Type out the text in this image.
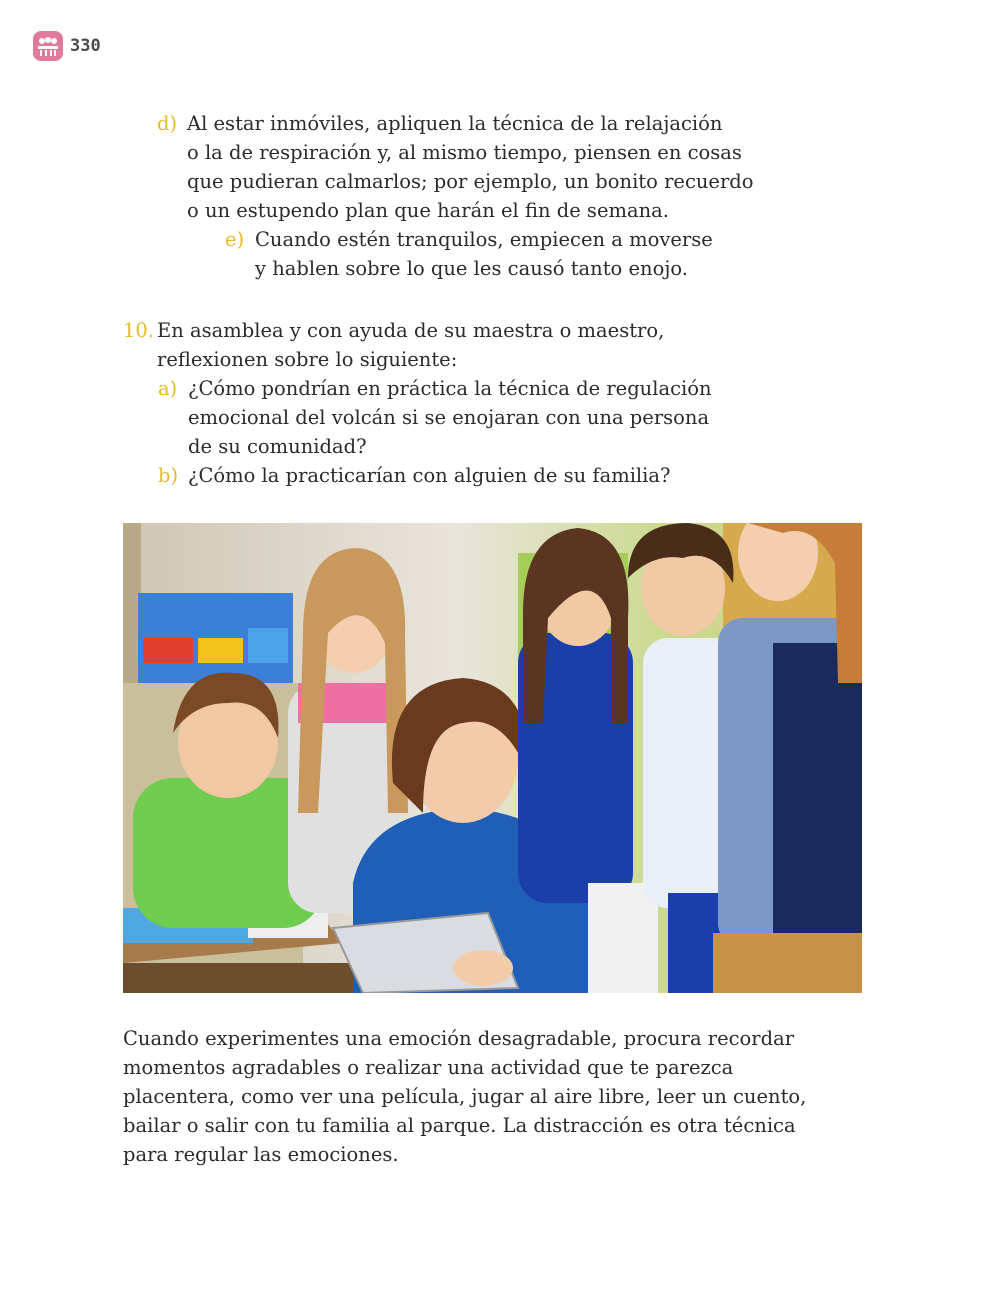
330
d) Al estar inmóviles, apliquen la técnica de la relajación
o la de respiración y, al mismo tiempo, piensen en cosas
que pudieran calmarlos; por ejemplo, un bonito recuerdo
o un estupendo plan que harán el fin de semana.
e) Cuando estén tranquilos, empiecen a moverse
y hablen sobre lo que les causó tanto enojo.
10. En asamblea y con ayuda de su maestra o maestro,
reflexionen sobre lo siguiente:
a) ¿Cómo pondrían en práctica la técnica de regulación
emocional del volcán si se enojaran con una persona
de su comunidad?
b) ¿Cómo la practicarían con alguien de su familia?
Cuando experimentes una emoción desagradable, procura recordar
momentos agradables o realizar una actividad que te parezca
placentera, como ver una película, jugar al aire libre, leer un cuento,
bailar o salir con tu familia al parque. La distracción es otra técnica
para regular las emociones.
